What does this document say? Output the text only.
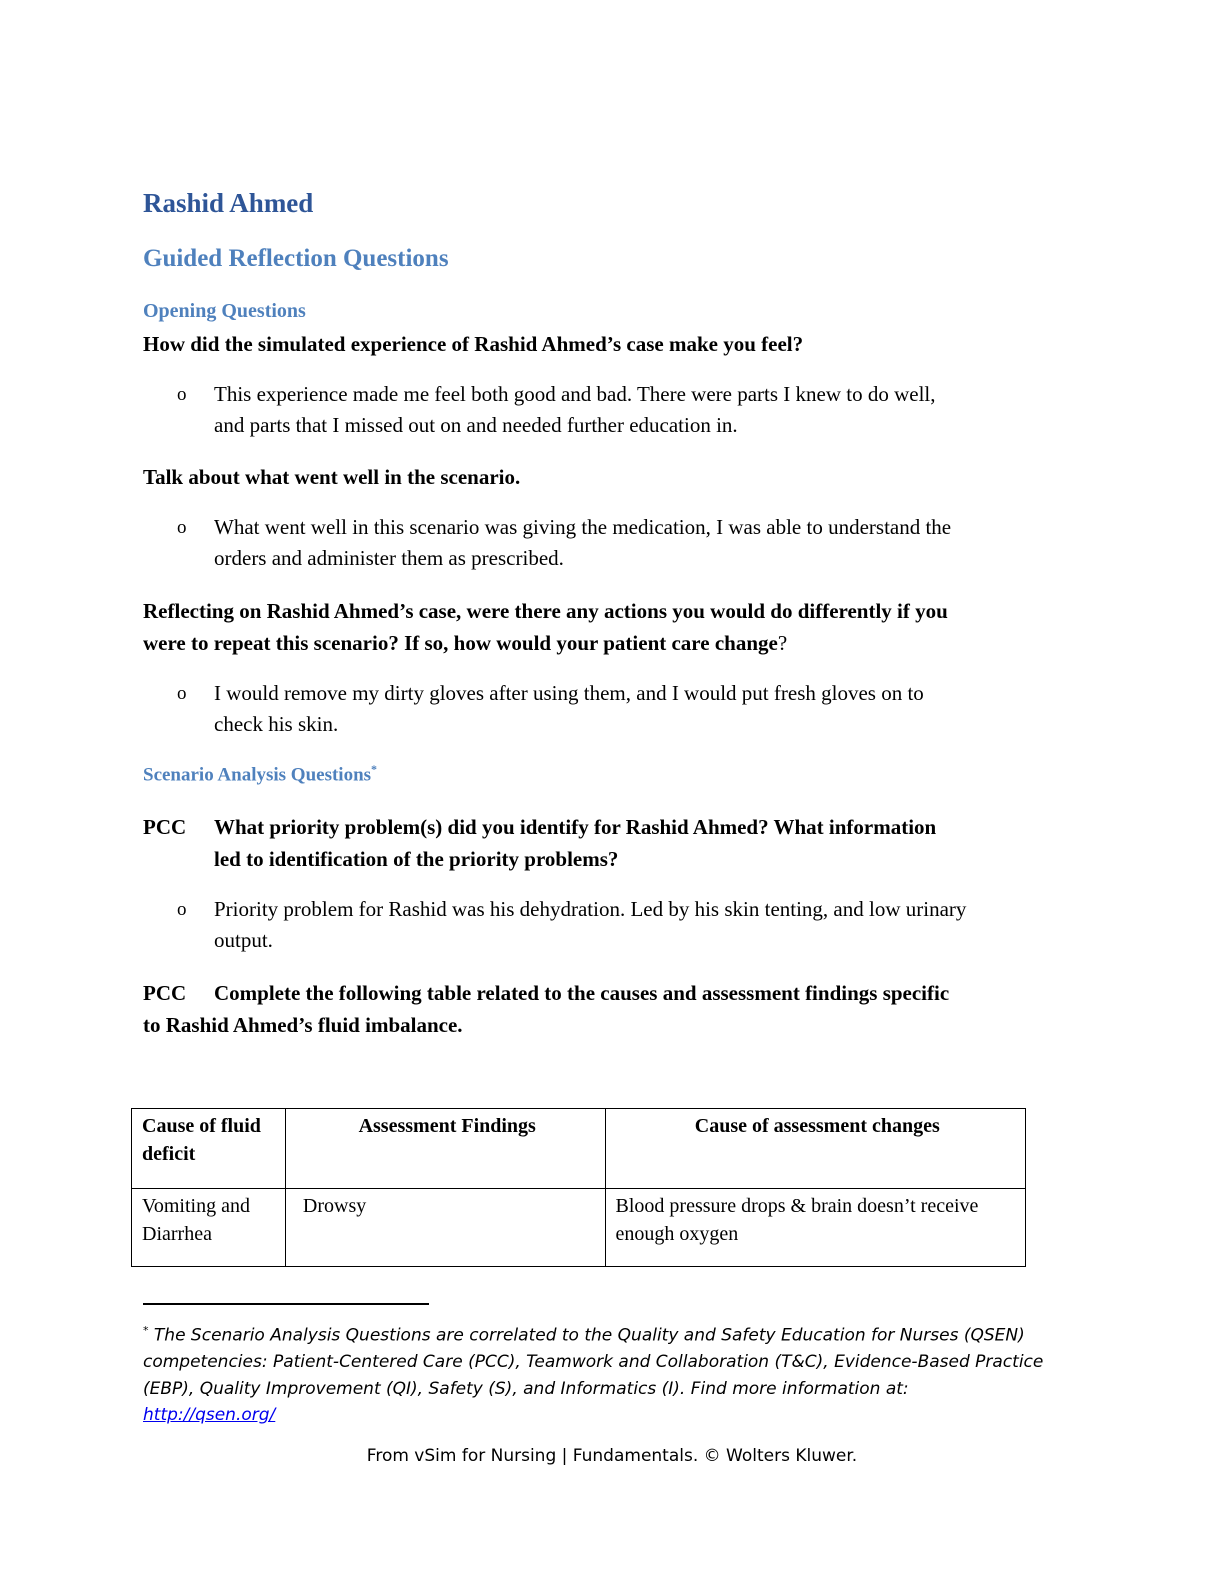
Rashid Ahmed
Guided Reflection Questions
Opening Questions
How did the simulated experience of Rashid Ahmed’s case make you feel?
o This experience made me feel both good and bad. There were parts I knew to do well,
and parts that I missed out on and needed further education in.
Talk about what went well in the scenario.
o What went well in this scenario was giving the medication, I was able to understand the
orders and administer them as prescribed.
Reflecting on Rashid Ahmed’s case, were there any actions you would do differently if you
were to repeat this scenario? If so, how would your patient care change?
o I would remove my dirty gloves after using them, and I would put fresh gloves on to
check his skin.
Scenario Analysis Questions*
PCC What priority problem(s) did you identify for Rashid Ahmed? What information
led to identification of the priority problems?
o Priority problem for Rashid was his dehydration. Led by his skin tenting, and low urinary
output.
PCC Complete the following table related to the causes and assessment findings specific
to Rashid Ahmed’s fluid imbalance.
Cause of fluid deficit	Assessment Findings	Cause of assessment changes
Vomiting and Diarrhea	Drowsy	Blood pressure drops & brain doesn’t receive enough oxygen
* The Scenario Analysis Questions are correlated to the Quality and Safety Education for Nurses (QSEN)
competencies: Patient-Centered Care (PCC), Teamwork and Collaboration (T&C), Evidence-Based Practice
(EBP), Quality Improvement (QI), Safety (S), and Informatics (I). Find more information at:
http://qsen.org/
From vSim for Nursing | Fundamentals. © Wolters Kluwer.
